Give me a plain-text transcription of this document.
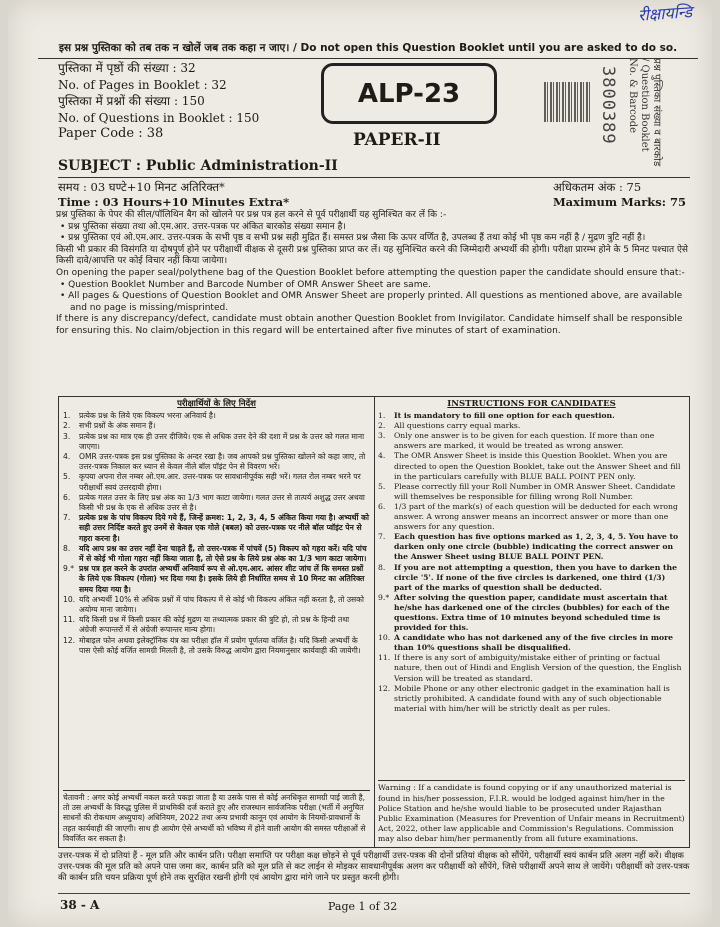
रीक्षायन्डि
इस प्रश्न पुस्तिका को तब तक न खोलें जब तक कहा न जाए। / Do not open this Question Booklet until you are asked to do so.
पुस्तिका में पृष्ठों की संख्या : 32
No. of Pages in Booklet : 32
पुस्तिका में प्रश्नों की संख्या : 150
No. of Questions in Booklet : 150
Paper Code : 38
ALP-23
PAPER-II	3800389	प्रश्न पुस्तिका संख्या व बारकोड / Question Booklet No. & Barcode
SUBJECT : Public Administration-II
समय : 03 घण्टे+10 मिनट अतिरिक्त*
Time : 03 Hours+10 Minutes Extra*
अधिकतम अंक : 75
Maximum Marks: 75

प्रश्न पुस्तिका के पेपर की सील/पॉलिथिन बैग को खोलने पर प्रश्न पत्र हल करने से पूर्व परीक्षार्थी यह सुनिश्चित कर लें कि :-

• प्रश्न पुस्तिका संख्या तथा ओ.एम.आर. उत्तर-पत्रक पर अंकित बारकोड संख्या समान है।

• प्रश्न पुस्तिका एवं ओ.एम.आर. उत्तर-पत्रक के सभी पृष्ठ व सभी प्रश्न सही मुद्रित हैं। समस्त प्रश्न जैसा कि ऊपर वर्णित है, उपलब्ध हैं तथा कोई भी पृष्ठ कम नहीं है / मुद्रण त्रुटि नहीं है।

किसी भी प्रकार की विसंगति या दोषपूर्ण होने पर परीक्षार्थी वीक्षक से दूसरी प्रश्न पुस्तिका प्राप्त कर लें। यह सुनिश्चित करने की जिम्मेदारी अभ्यर्थी की होगी। परीक्षा प्रारम्भ होने के 5 मिनट पश्चात ऐसे किसी दावे/आपत्ति पर कोई विचार नहीं किया जायेगा।

On opening the paper seal/polythene bag of the Question Booklet before attempting the question paper the candidate should ensure that:-

• Question Booklet Number and Barcode Number of OMR Answer Sheet are same.

• All pages & Questions of Question Booklet and OMR Answer Sheet are properly printed. All questions as mentioned above, are available and no page is missing/misprinted.

If there is any discrepancy/defect, candidate must obtain another Question Booklet from Invigilator. Candidate himself shall be responsible for ensuring this. No claim/objection in this regard will be entertained after five minutes of start of examination.

परीक्षार्थियों के लिए निर्देश
1.	प्रत्येक प्रश्न के लिये एक विकल्प भरना अनिवार्य है।
2.	सभी प्रश्नों के अंक समान हैं।
3.	प्रत्येक प्रश्न का मात्र एक ही उत्तर दीजिये। एक से अधिक उत्तर देने की दशा में प्रश्न के उत्तर को गलत माना जाएगा।
4.	OMR उत्तर-पत्रक इस प्रश्न पुस्तिका के अन्दर रखा है। जब आपको प्रश्न पुस्तिका खोलने को कहा जाए, तो उत्तर-पत्रक निकाल कर ध्यान से केवल नीले बॉल पॉइंट पेन से विवरण भरें।
5.	कृपया अपना रोल नम्बर ओ.एम.आर. उत्तर-पत्रक पर सावधानीपूर्वक सही भरें। गलत रोल नम्बर भरने पर परीक्षार्थी स्वयं उत्तरदायी होगा।
6.	प्रत्येक गलत उत्तर के लिए प्रश्न अंक का 1/3 भाग काटा जायेगा। गलत उत्तर से तात्पर्य अशुद्ध उत्तर अथवा किसी भी प्रश्न के एक से अधिक उत्तर से है।
7.	प्रत्येक प्रश्न के पांच विकल्प दिये गये हैं, जिन्हें क्रमश: 1, 2, 3, 4, 5 अंकित किया गया है। अभ्यर्थी को सही उत्तर निर्दिष्ट करते हुए उनमें से केवल एक गोले (बबल) को उत्तर-पत्रक पर नीले बॉल प्वॉइंट पेन से गहरा करना है।
8.	यदि आप प्रश्न का उत्तर नहीं देना चाहते हैं, तो उत्तर-पत्रक में पांचवें (5) विकल्प को गहरा करें। यदि पांच में से कोई भी गोला गहरा नहीं किया जाता है, तो ऐसे प्रश्न के लिये प्रश्न अंक का 1/3 भाग काटा जायेगा।
9.* प्रश्न पत्र हल करने के उपरांत अभ्यर्थी अनिवार्य रूप से ओ.एम.आर. आंसर शीट जांच लें कि समस्त प्रश्नों के लिये एक विकल्प (गोला) भर दिया गया है। इसके लिये ही निर्धारित समय से 10 मिनट का अतिरिक्त समय दिया गया है।
10. यदि अभ्यर्थी 10% से अधिक प्रश्नों में पांच विकल्प में से कोई भी विकल्प अंकित नहीं करता है, तो उसको अयोग्य माना जायेगा।
11. यदि किसी प्रश्न में किसी प्रकार की कोई मुद्रण या तथ्यात्मक प्रकार की त्रुटि हो, तो प्रश्न के हिन्दी तथा अंग्रेजी रूपान्तरों में से अंग्रेजी रूपान्तर मान्य होगा।
12. मोबाइल फोन अथवा इलेक्ट्रॉनिक यंत्र का परीक्षा हॉल में प्रयोग पूर्णतया वर्जित है। यदि किसी अभ्यर्थी के पास ऐसी कोई वर्जित सामग्री मिलती है, तो उसके विरुद्ध आयोग द्वारा नियमानुसार कार्यवाही की जायेगी।
चेतावनी : अगर कोई अभ्यर्थी नकल करते पकड़ा जाता है या उसके पास से कोई अनधिकृत सामग्री पाई जाती है, तो उस अभ्यर्थी के विरुद्ध पुलिस में प्राथमिकी दर्ज कराते हुए और राजस्थान सार्वजनिक परीक्षा (भर्ती में अनुचित साधनों की रोकथाम अध्युपाय) अधिनियम, 2022 तथा अन्य प्रभावी कानून एवं आयोग के नियमों-प्रावधानों के तहत कार्यवाही की जाएगी। साथ ही आयोग ऐसे अभ्यर्थी को भविष्य में होने वाली आयोग की समस्त परीक्षाओं से विवर्जित कर सकता है।
INSTRUCTIONS FOR CANDIDATES
1.	It is mandatory to fill one option for each question.
2.	All questions carry equal marks.
3.	Only one answer is to be given for each question. If more than one answers are marked, it would be treated as wrong answer.
4.	The OMR Answer Sheet is inside this Question Booklet. When you are directed to open the Question Booklet, take out the Answer Sheet and fill in the particulars carefully with BLUE BALL POINT PEN only.
5.	Please correctly fill your Roll Number in OMR Answer Sheet. Candidate will themselves be responsible for filling wrong Roll Number.
6.	1/3 part of the mark(s) of each question will be deducted for each wrong answer. A wrong answer means an incorrect answer or more than one answers for any question.
7.	Each question has five options marked as 1, 2, 3, 4, 5. You have to darken only one circle (bubble) indicating the correct answer on the Answer Sheet using BLUE BALL POINT PEN.
8.	If you are not attempting a question, then you have to darken the circle '5'. If none of the five circles is darkened, one third (1/3) part of the marks of question shall be deducted.
9.* After solving the question paper, candidate must ascertain that he/she has darkened one of the circles (bubbles) for each of the questions. Extra time of 10 minutes beyond scheduled time is provided for this.
10. A candidate who has not darkened any of the five circles in more than 10% questions shall be disqualified.
11. If there is any sort of ambiguity/mistake either of printing or factual nature, then out of Hindi and English Version of the question, the English Version will be treated as standard.
12. Mobile Phone or any other electronic gadget in the examination hall is strictly prohibited. A candidate found with any of such objectionable material with him/her will be strictly dealt as per rules.
Warning : If a candidate is found copying or if any unauthorized material is found in his/her possession, F.I.R. would be lodged against him/her in the Police Station and he/she would liable to be prosecuted under Rajasthan Public Examination (Measures for Prevention of Unfair means in Recruitment) Act, 2022, other law applicable and Commission's Regulations. Commission may also debar him/her permanently from all future examinations.
उत्तर-पत्रक में दो प्रतियां हैं - मूल प्रति और कार्बन प्रति। परीक्षा समाप्ति पर परीक्षा कक्ष छोड़ने से पूर्व परीक्षार्थी उत्तर-पत्रक की दोनों प्रतियां वीक्षक को सौंपेंगे, परीक्षार्थी स्वयं कार्बन प्रति अलग नहीं करें। वीक्षक उत्तर-पत्रक की मूल प्रति को अपने पास जमा कर, कार्बन प्रति को मूल प्रति से कट लाईन से मोड़कर सावधानीपूर्वक अलग कर परीक्षार्थी को सौंपेंगे, जिसे परीक्षार्थी अपने साथ ले जायेंगे। परीक्षार्थी को उत्तर-पत्रक की कार्बन प्रति चयन प्रक्रिया पूर्ण होने तक सुरक्षित रखनी होगी एवं आयोग द्वारा मांगे जाने पर प्रस्तुत करनी होगी।
38 - A	Page 1 of 32
